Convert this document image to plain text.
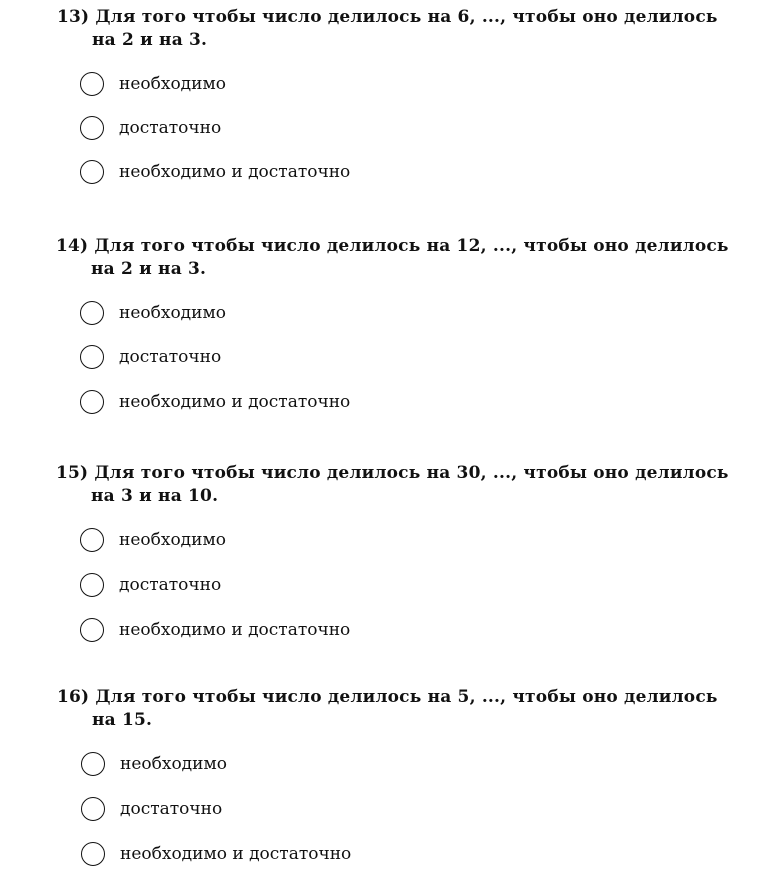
13) Для того чтобы число делилось на 6, ..., чтобы оно делилось
на 2 и на 3.
необходимо
достаточно
необходимо и достаточно
14) Для того чтобы число делилось на 12, ..., чтобы оно делилось
на 2 и на 3.
необходимо
достаточно
необходимо и достаточно
15) Для того чтобы число делилось на 30, ..., чтобы оно делилось
на 3 и на 10.
необходимо
достаточно
необходимо и достаточно
16) Для того чтобы число делилось на 5, ..., чтобы оно делилось
на 15.
необходимо
достаточно
необходимо и достаточно
